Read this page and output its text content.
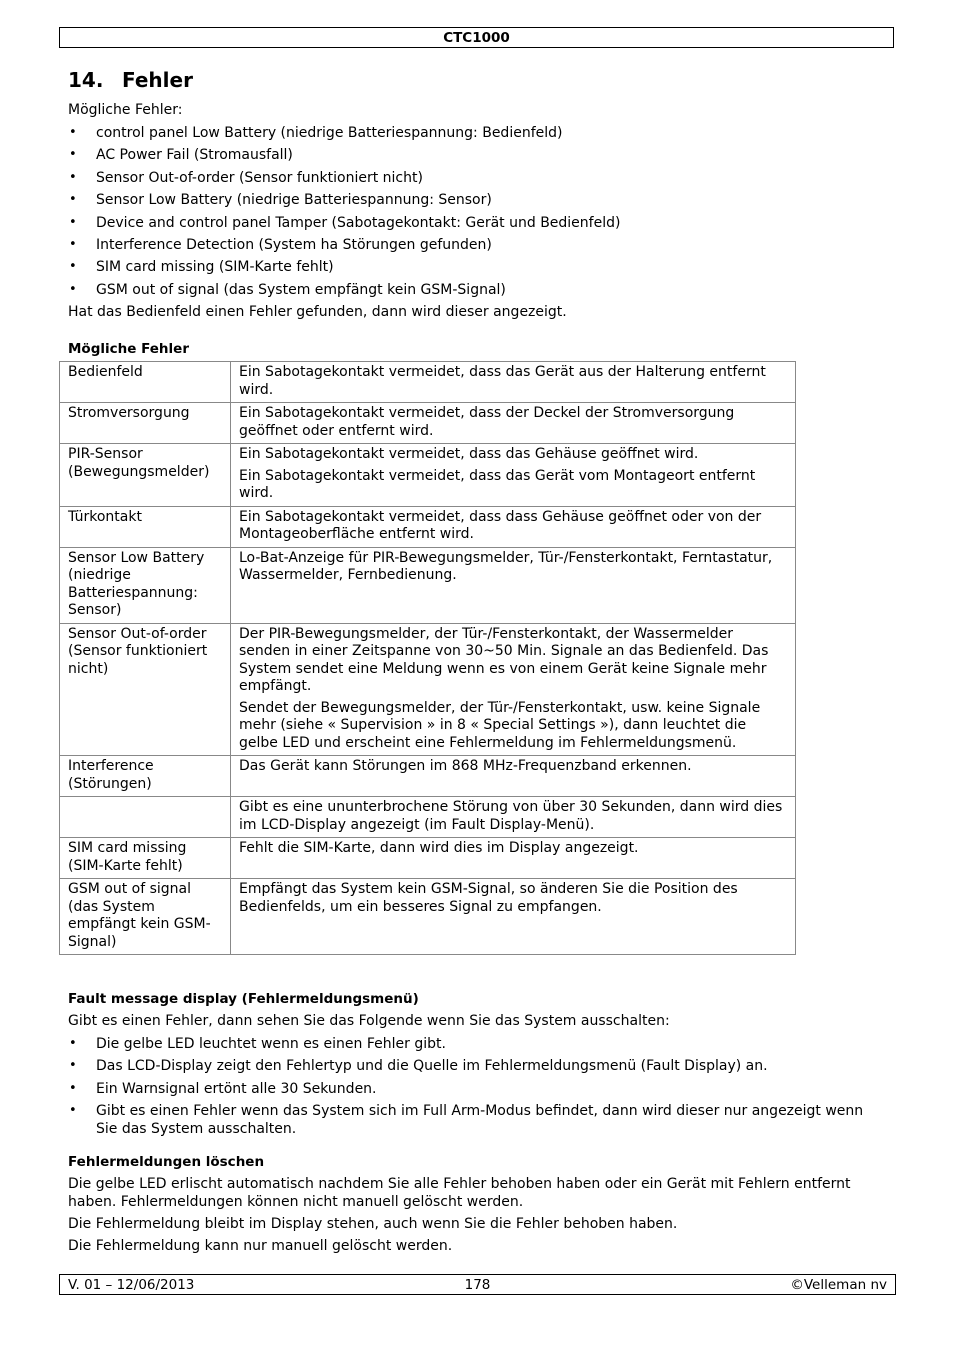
CTC1000
14. Fehler

Mögliche Fehler:

• control panel Low Battery (niedrige Batteriespannung: Bedienfeld)
• AC Power Fail (Stromausfall)
• Sensor Out-of-order (Sensor funktioniert nicht)
• Sensor Low Battery (niedrige Batteriespannung: Sensor)
• Device and control panel Tamper (Sabotagekontakt: Gerät und Bedienfeld)
• Interference Detection (System ha Störungen gefunden)
• SIM card missing (SIM-Karte fehlt)
• GSM out of signal (das System empfängt kein GSM-Signal)

Hat das Bedienfeld einen Fehler gefunden, dann wird dieser angezeigt.

Mögliche Fehler
Bedienfeld	Ein Sabotagekontakt vermeidet, dass das Gerät aus der Halterung entfernt wird.

Stromversorgung	Ein Sabotagekontakt vermeidet, dass der Deckel der Stromversorgung geöffnet oder entfernt wird.

PIR-Sensor (Bewegungsmelder)	Ein Sabotagekontakt vermeidet, dass das Gehäuse geöffnet wird.
Ein Sabotagekontakt vermeidet, dass das Gerät vom Montageort entfernt wird.

Türkontakt	Ein Sabotagekontakt vermeidet, dass dass Gehäuse geöffnet oder von der Montageoberfläche entfernt wird.

Sensor Low Battery (niedrige Batteriespannung: Sensor)	Lo-Bat-Anzeige für PIR-Bewegungsmelder, Tür-/Fensterkontakt, Ferntastatur, Wassermelder, Fernbedienung.

Sensor Out-of-order (Sensor funktioniert nicht)	Der PIR-Bewegungsmelder, der Tür-/Fensterkontakt, der Wassermelder senden in einer Zeitspanne von 30~50 Min. Signale an das Bedienfeld. Das System sendet eine Meldung wenn es von einem Gerät keine Signale mehr empfängt.
Sendet der Bewegungsmelder, der Tür-/Fensterkontakt, usw. keine Signale mehr (siehe « Supervision » in 8 « Special Settings »), dann leuchtet die gelbe LED und erscheint eine Fehlermeldung im Fehlermeldungsmenü.

Interference (Störungen)	Das Gerät kann Störungen im 868 MHz-Frequenzband erkennen.

	Gibt es eine ununterbrochene Störung von über 30 Sekunden, dann wird dies im LCD-Display angezeigt (im Fault Display-Menü).

SIM card missing (SIM-Karte fehlt)	Fehlt die SIM-Karte, dann wird dies im Display angezeigt.

GSM out of signal (das System empfängt kein GSM-Signal)	Empfängt das System kein GSM-Signal, so änderen Sie die Position des Bedienfelds, um ein besseres Signal zu empfangen.
Fault message display (Fehlermeldungsmenü)

Gibt es einen Fehler, dann sehen Sie das Folgende wenn Sie das System ausschalten:

• Die gelbe LED leuchtet wenn es einen Fehler gibt.
• Das LCD-Display zeigt den Fehlertyp und die Quelle im Fehlermeldungsmenü (Fault Display) an.
• Ein Warnsignal ertönt alle 30 Sekunden.
• Gibt es einen Fehler wenn das System sich im Full Arm-Modus befindet, dann wird dieser nur angezeigt wenn Sie das System ausschalten.
Fehlermeldungen löschen

Die gelbe LED erlischt automatisch nachdem Sie alle Fehler behoben haben oder ein Gerät mit Fehlern entfernt haben. Fehlermeldungen können nicht manuell gelöscht werden.

Die Fehlermeldung bleibt im Display stehen, auch wenn Sie die Fehler behoben haben.

Die Fehlermeldung kann nur manuell gelöscht werden.

V. 01 – 12/06/2013	178	©Velleman nv
